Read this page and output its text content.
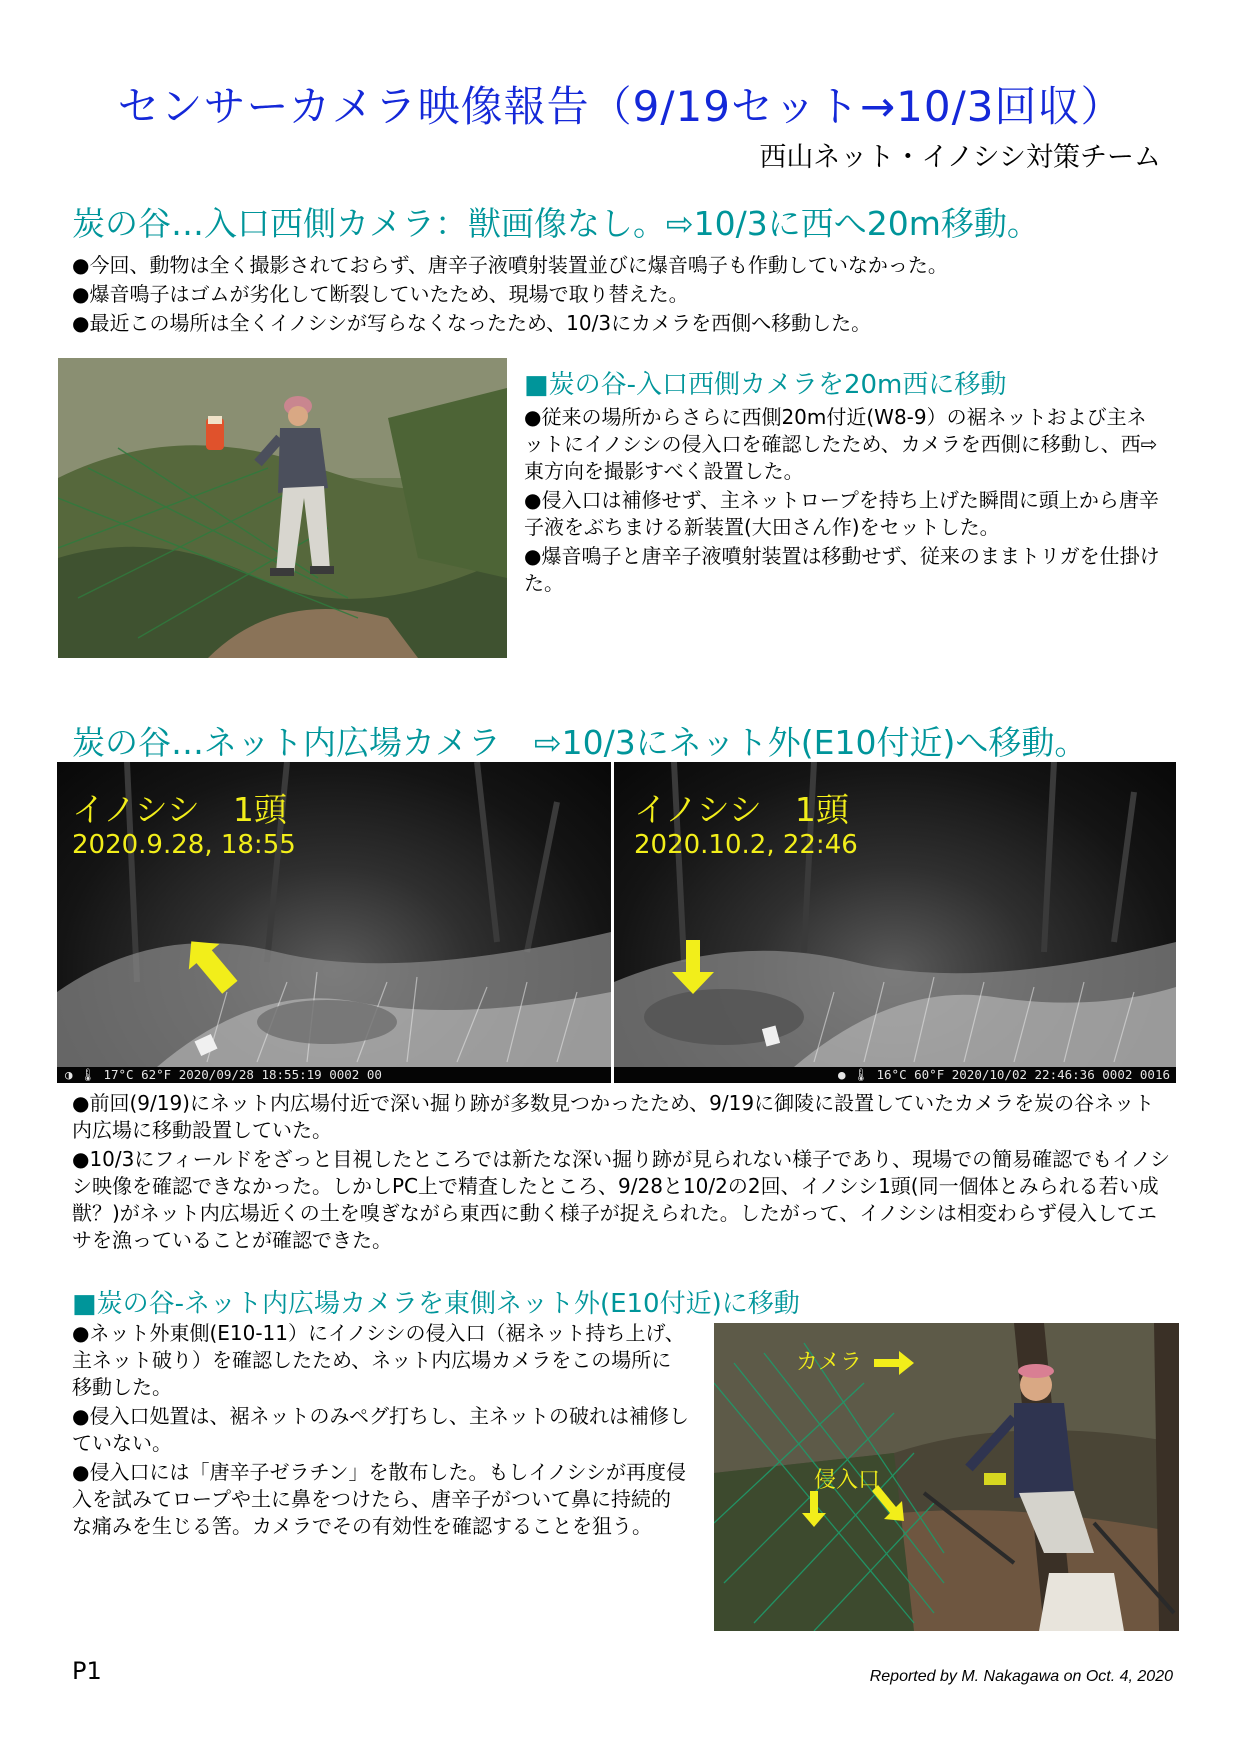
センサーカメラ映像報告（9/19セット→10/3回収）
西山ネット・イノシシ対策チーム
炭の谷…入口西側カメラ：獣画像なし。⇨10/3に西へ20m移動。

●今回、動物は全く撮影されておらず、唐辛子液噴射装置並びに爆音鳴子も作動していなかった。

●爆音鳴子はゴムが劣化して断裂していたため、現場で取り替えた。

●最近この場所は全くイノシシが写らなくなったため、10/3にカメラを西側へ移動した。

■炭の谷-入口西側カメラを20m西に移動

●従来の場所からさらに西側20m付近(W8-9）の裾ネットおよび主ネットにイノシシの侵入口を確認したため、カメラを西側に移動し、西⇨東方向を撮影すべく設置した。

●侵入口は補修せず、主ネットロープを持ち上げた瞬間に頭上から唐辛子液をぶちまける新装置(大田さん作)をセットした。

●爆音鳴子と唐辛子液噴射装置は移動せず、従来のままトリガを仕掛けた。

炭の谷…ネット内広場カメラ　⇨10/3にネット外(E10付近)へ移動。
イノシシ　1頭
2020.9.28, 18:55
◑ 🌡 17°C 62°F 2020/09/28 18:55:19 0002 00
イノシシ　1頭
2020.10.2, 22:46
● 🌡 16°C 60°F 2020/10/02 22:46:36 0002 0016

●前回(9/19)にネット内広場付近で深い掘り跡が多数見つかったため、9/19に御陵に設置していたカメラを炭の谷ネット内広場に移動設置していた。

●10/3にフィールドをざっと目視したところでは新たな深い掘り跡が見られない様子であり、現場での簡易確認でもイノシシ映像を確認できなかった。しかしPC上で精査したところ、9/28と10/2の2回、イノシシ1頭(同一個体とみられる若い成獣？)がネット内広場近くの土を嗅ぎながら東西に動く様子が捉えられた。したがって、イノシシは相変わらず侵入してエサを漁っていることが確認できた。

■炭の谷-ネット内広場カメラを東側ネット外(E10付近)に移動

●ネット外東側(E10-11）にイノシシの侵入口（裾ネット持ち上げ、主ネット破り）を確認したため、ネット内広場カメラをこの場所に移動した。

●侵入口処置は、裾ネットのみペグ打ちし、主ネットの破れは補修していない。

●侵入口には「唐辛子ゼラチン」を散布した。もしイノシシが再度侵入を試みてロープや土に鼻をつけたら、唐辛子がついて鼻に持続的な痛みを生じる筈。カメラでその有効性を確認することを狙う。

カメラ
侵入口
P1	Reported by M. Nakagawa on Oct. 4, 2020
